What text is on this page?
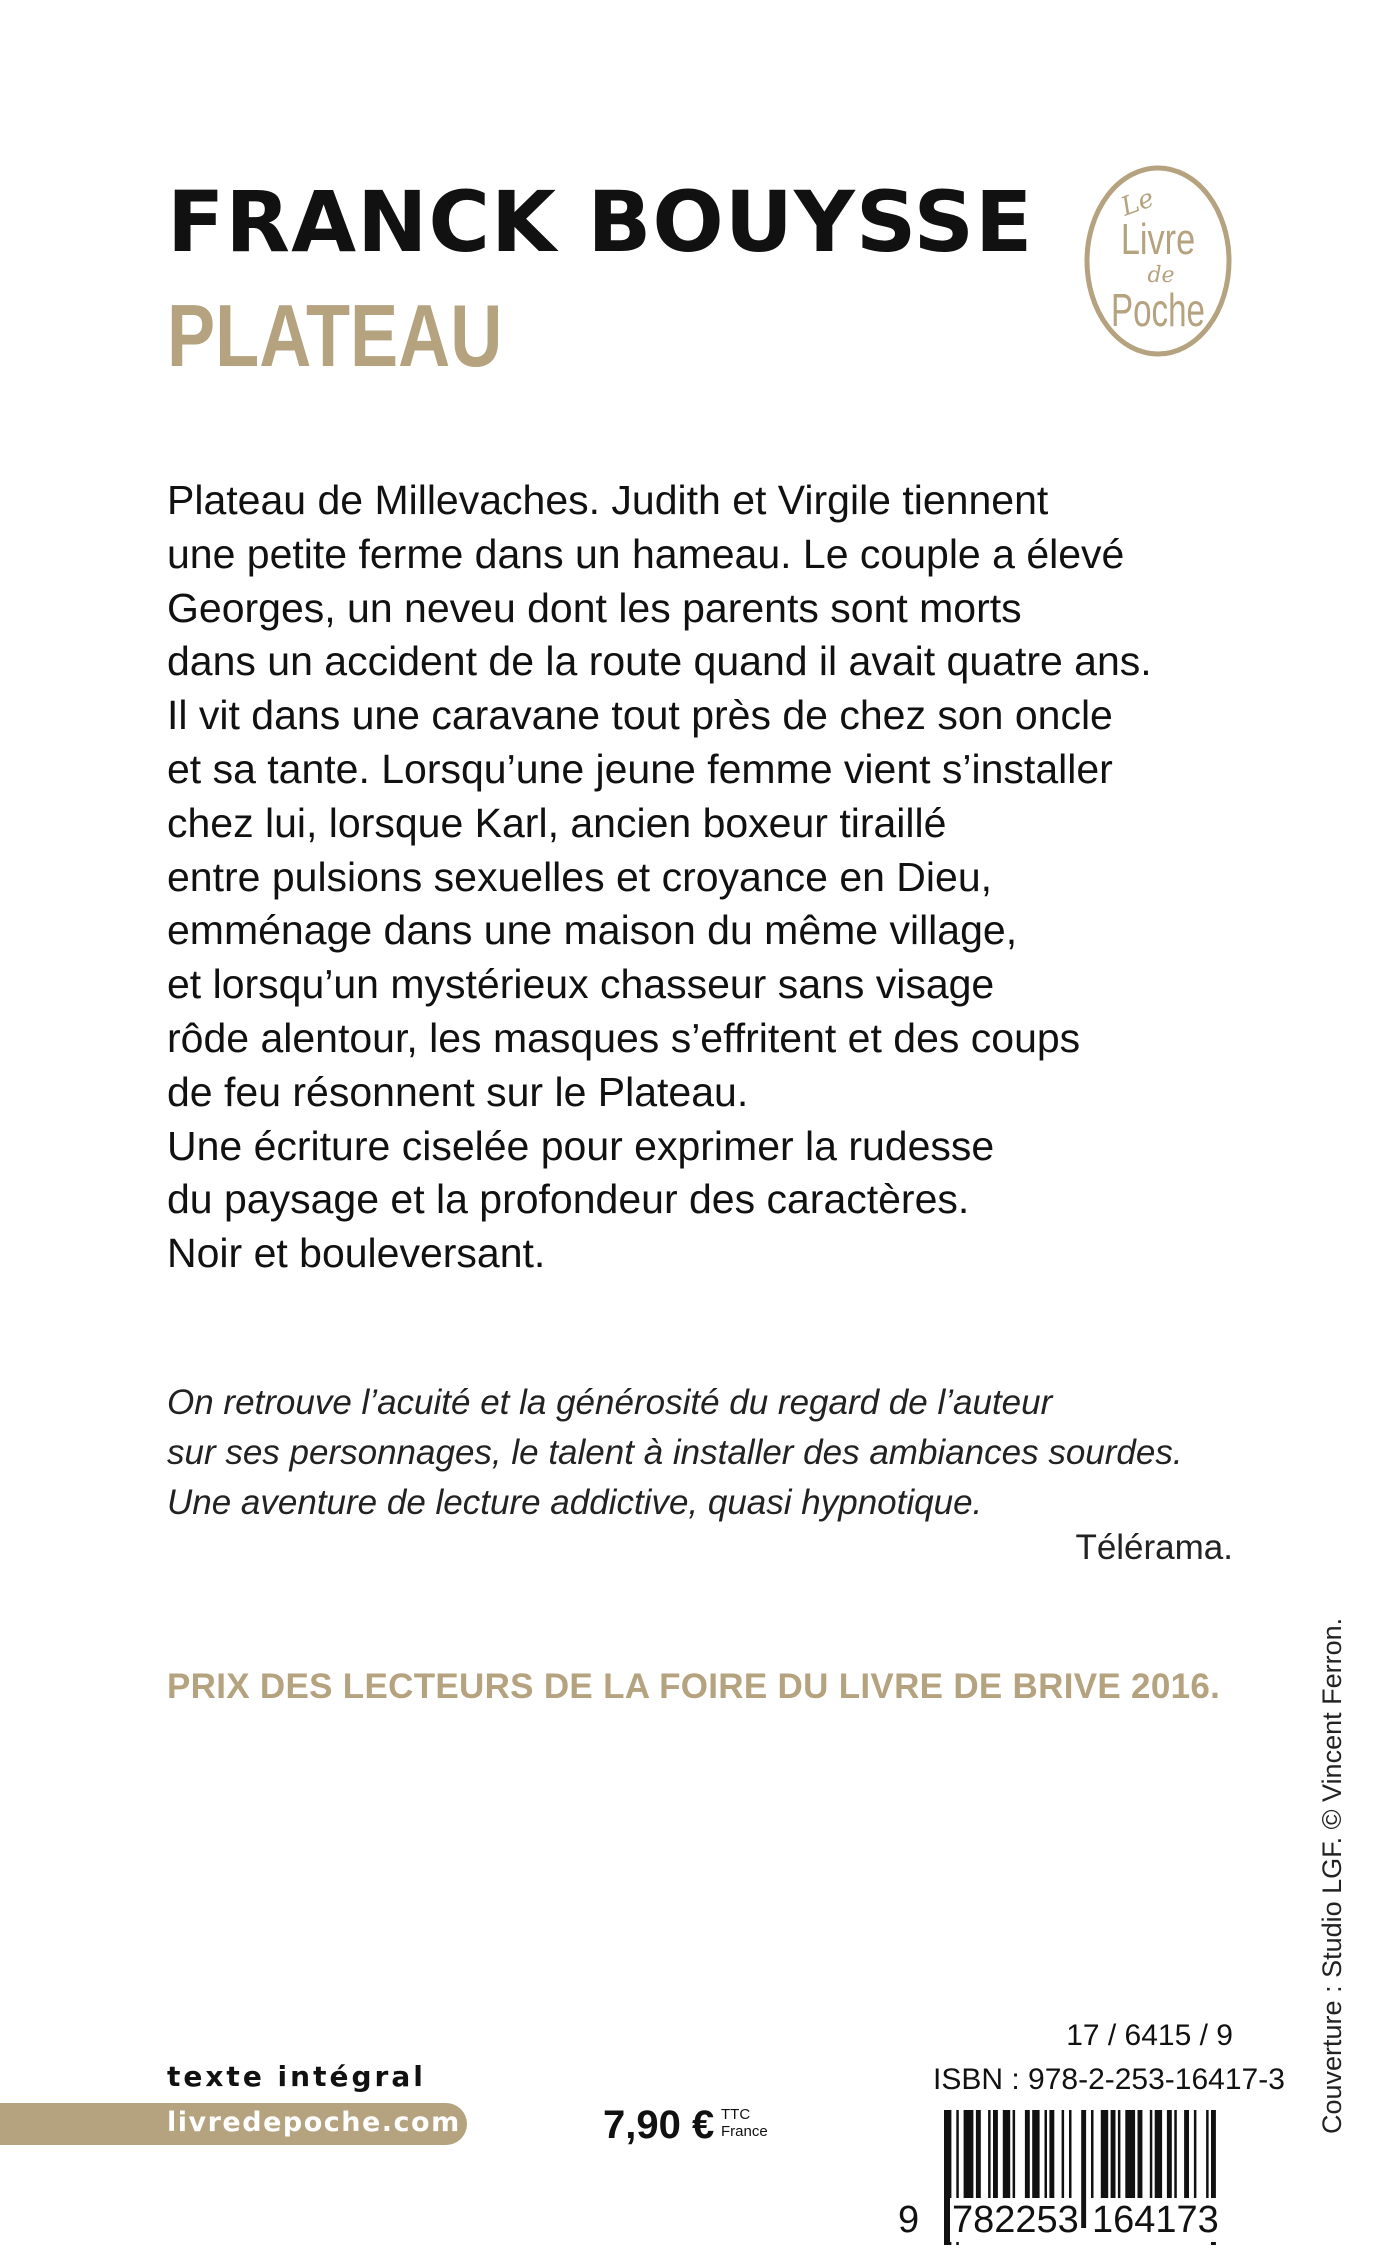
FRANCK BOUYSSE
PLATEAU
Le
Livre
de
Poche

Plateau de Millevaches. Judith et Virgile tiennent
une petite ferme dans un hameau. Le couple a élevé
Georges, un neveu dont les parents sont morts
dans un accident de la route quand il avait quatre ans.
Il vit dans une caravane tout près de chez son oncle
et sa tante. Lorsqu’une jeune femme vient s’installer
chez lui, lorsque Karl, ancien boxeur tiraillé
entre pulsions sexuelles et croyance en Dieu,
emménage dans une maison du même village,
et lorsqu’un mystérieux chasseur sans visage
rôde alentour, les masques s’effritent et des coups
de feu résonnent sur le Plateau.
Une écriture ciselée pour exprimer la rudesse
du paysage et la profondeur des caractères.
Noir et bouleversant.

On retrouve l’acuité et la générosité du regard de l’auteur
sur ses personnages, le talent à installer des ambiances sourdes.
Une aventure de lecture addictive, quasi hypnotique.

Télérama.
PRIX DES LECTEURS DE LA FOIRE DU LIVRE DE BRIVE 2016.	Couverture : Studio LGF. © Vincent Ferron.
texte intégral
livredepoche.com	7,90 € TTC
France
17 / 6415 / 9
ISBN : 978-2-253-16417-3
9 782253 164173
